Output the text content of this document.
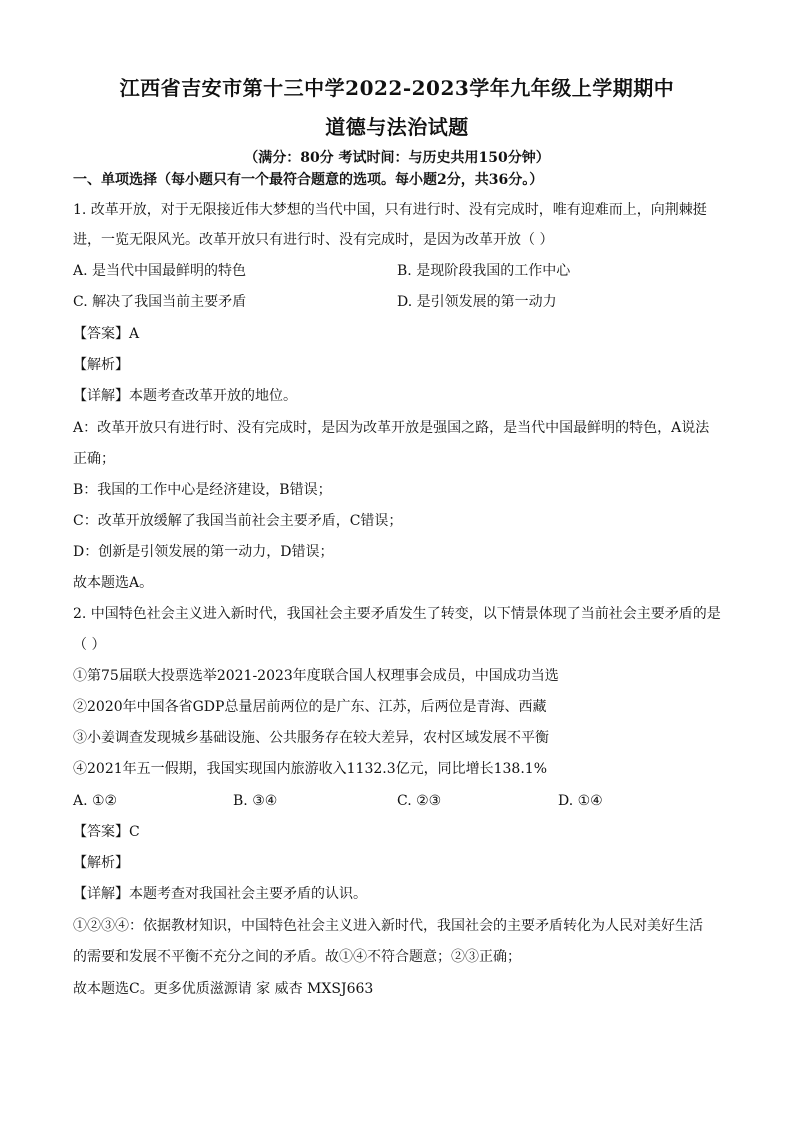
江西省吉安市第十三中学2022-2023学年九年级上学期期中
道德与法治试题
（满分：80分 考试时间：与历史共用150分钟）
一、单项选择（每小题只有一个最符合题意的选项。每小题2分，共36分。）
1. 改革开放，对于无限接近伟大梦想的当代中国，只有进行时、没有完成时，唯有迎难而上，向荆棘挺
进，一览无限风光。改革开放只有进行时、没有完成时，是因为改革开放（ ）
A. 是当代中国最鲜明的特色	B. 是现阶段我国的工作中心
C. 解决了我国当前主要矛盾	D. 是引领发展的第一动力
【答案】A
【解析】
【详解】本题考查改革开放的地位。
A：改革开放只有进行时、没有完成时，是因为改革开放是强国之路，是当代中国最鲜明的特色，A说法
正确；
B：我国的工作中心是经济建设，B错误；
C：改革开放缓解了我国当前社会主要矛盾，C错误；
D：创新是引领发展的第一动力，D错误；
故本题选A。
2. 中国特色社会主义进入新时代，我国社会主要矛盾发生了转变，以下情景体现了当前社会主要矛盾的是
（ ）
①第75届联大投票选举2021-2023年度联合国人权理事会成员，中国成功当选
②2020年中国各省GDP总量居前两位的是广东、江苏，后两位是青海、西藏
③小姜调查发现城乡基础设施、公共服务存在较大差异，农村区域发展不平衡
④2021年五一假期，我国实现国内旅游收入1132.3亿元，同比增长138.1%
A. ①②	B. ③④	C. ②③	D. ①④
【答案】C
【解析】
【详解】本题考查对我国社会主要矛盾的认识。
①②③④：依据教材知识，中国特色社会主义进入新时代，我国社会的主要矛盾转化为人民对美好生活
的需要和发展不平衡不充分之间的矛盾。故①④不符合题意；②③正确；
故本题选C。更多优质滋源请 家 威杏 MXSJ663
